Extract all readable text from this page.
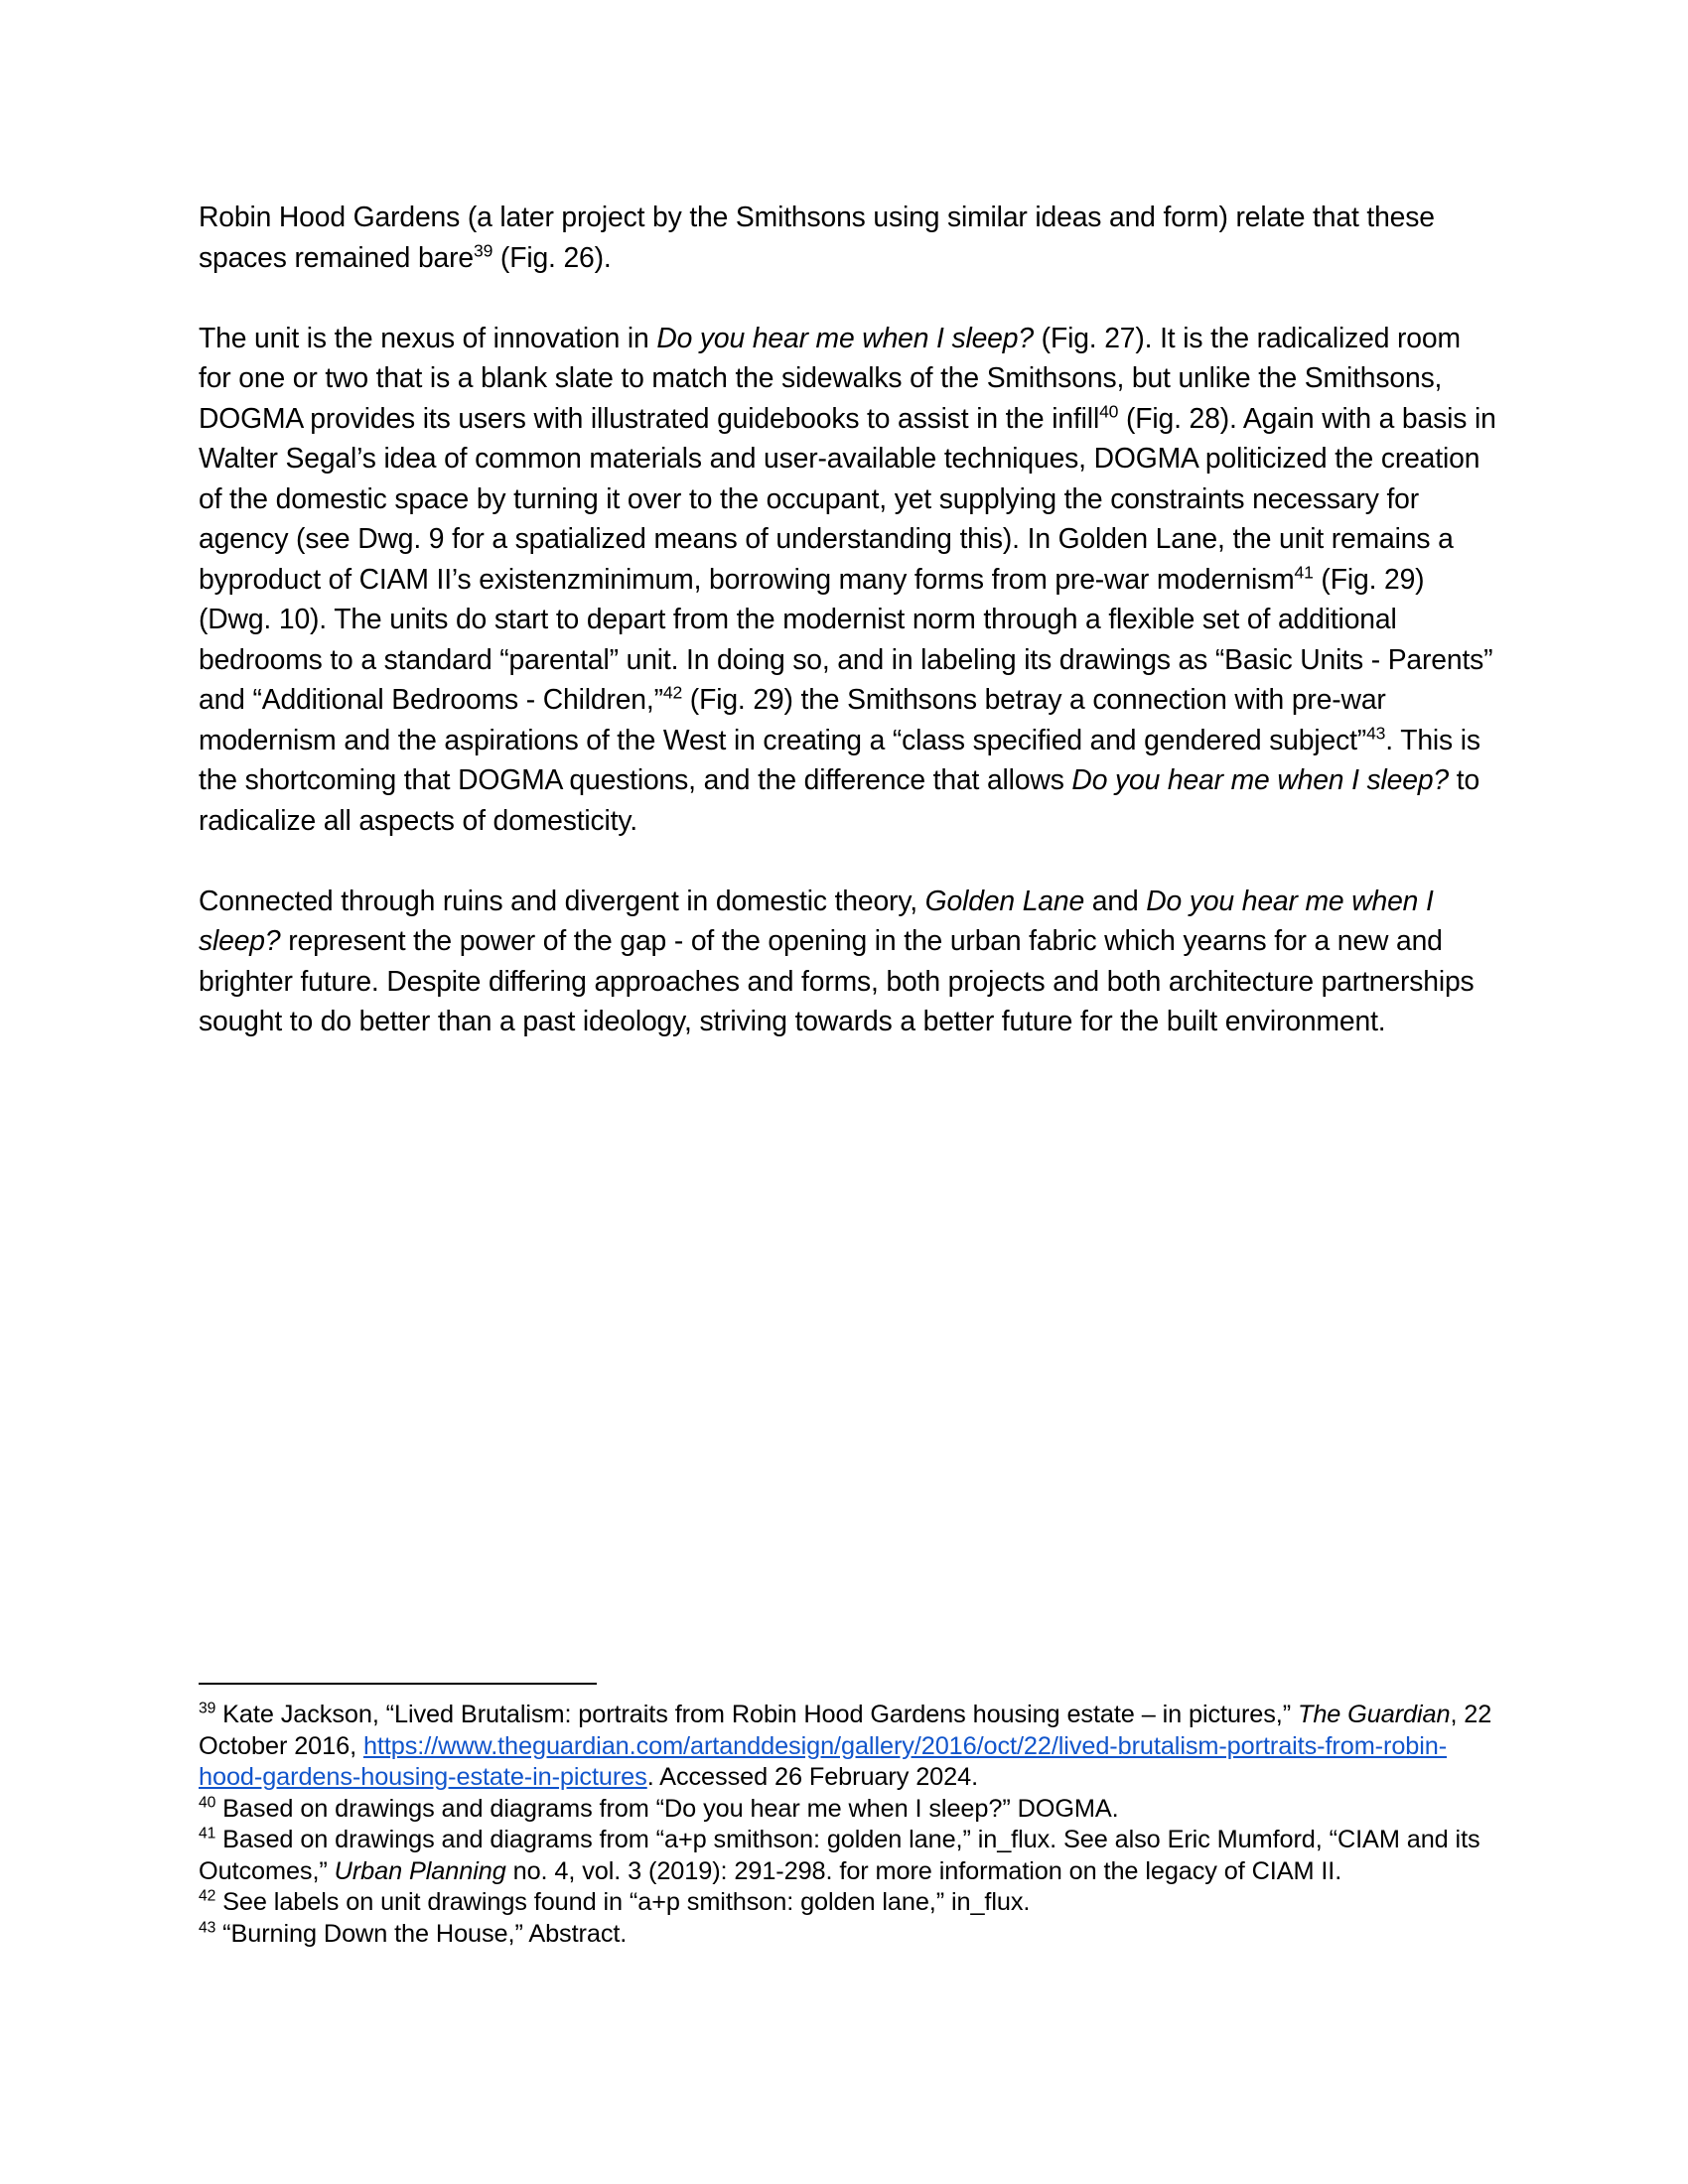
Robin Hood Gardens (a later project by the Smithsons using similar ideas and form) relate that these spaces remained bare$^{39}$ (Fig. 26).

The unit is the nexus of innovation in Do you hear me when I sleep? (Fig. 27). It is the radicalized room for one or two that is a blank slate to match the sidewalks of the Smithsons, but unlike the Smithsons, DOGMA provides its users with illustrated guidebooks to assist in the infill$^{40}$ (Fig. 28). Again with a basis in Walter Segal’s idea of common materials and user-available techniques, DOGMA politicized the creation of the domestic space by turning it over to the occupant, yet supplying the constraints necessary for agency (see Dwg. 9 for a spatialized means of understanding this). In Golden Lane, the unit remains a byproduct of CIAM II’s existenzminimum, borrowing many forms from pre-war modernism$^{41}$ (Fig. 29) (Dwg. 10). The units do start to depart from the modernist norm through a flexible set of additional bedrooms to a standard “parental” unit. In doing so, and in labeling its drawings as “Basic Units - Parents” and “Additional Bedrooms - Children,”$^{42}$ (Fig. 29) the Smithsons betray a connection with pre-war modernism and the aspirations of the West in creating a “class specified and gendered subject”$^{43}$. This is the shortcoming that DOGMA questions, and the difference that allows Do you hear me when I sleep? to radicalize all aspects of domesticity.

Connected through ruins and divergent in domestic theory, Golden Lane and Do you hear me when I sleep? represent the power of the gap - of the opening in the urban fabric which yearns for a new and brighter future. Despite differing approaches and forms, both projects and both architecture partnerships sought to do better than a past ideology, striving towards a better future for the built environment.

$^{39}$ Kate Jackson, “Lived Brutalism: portraits from Robin Hood Gardens housing estate – in pictures,” The Guardian, 22 October 2016, https://www.theguardian.com/artanddesign/gallery/2016/oct/22/lived-brutalism-portraits-from-robin-hood-gardens-housing-estate-in-pictures. Accessed 26 February 2024.

$^{40}$ Based on drawings and diagrams from “Do you hear me when I sleep?” DOGMA.

$^{41}$ Based on drawings and diagrams from “a+p smithson: golden lane,” in_flux. See also Eric Mumford, “CIAM and its Outcomes,” Urban Planning no. 4, vol. 3 (2019): 291-298. for more information on the legacy of CIAM II.

$^{42}$ See labels on unit drawings found in “a+p smithson: golden lane,” in_flux.

$^{43}$ “Burning Down the House,” Abstract.
